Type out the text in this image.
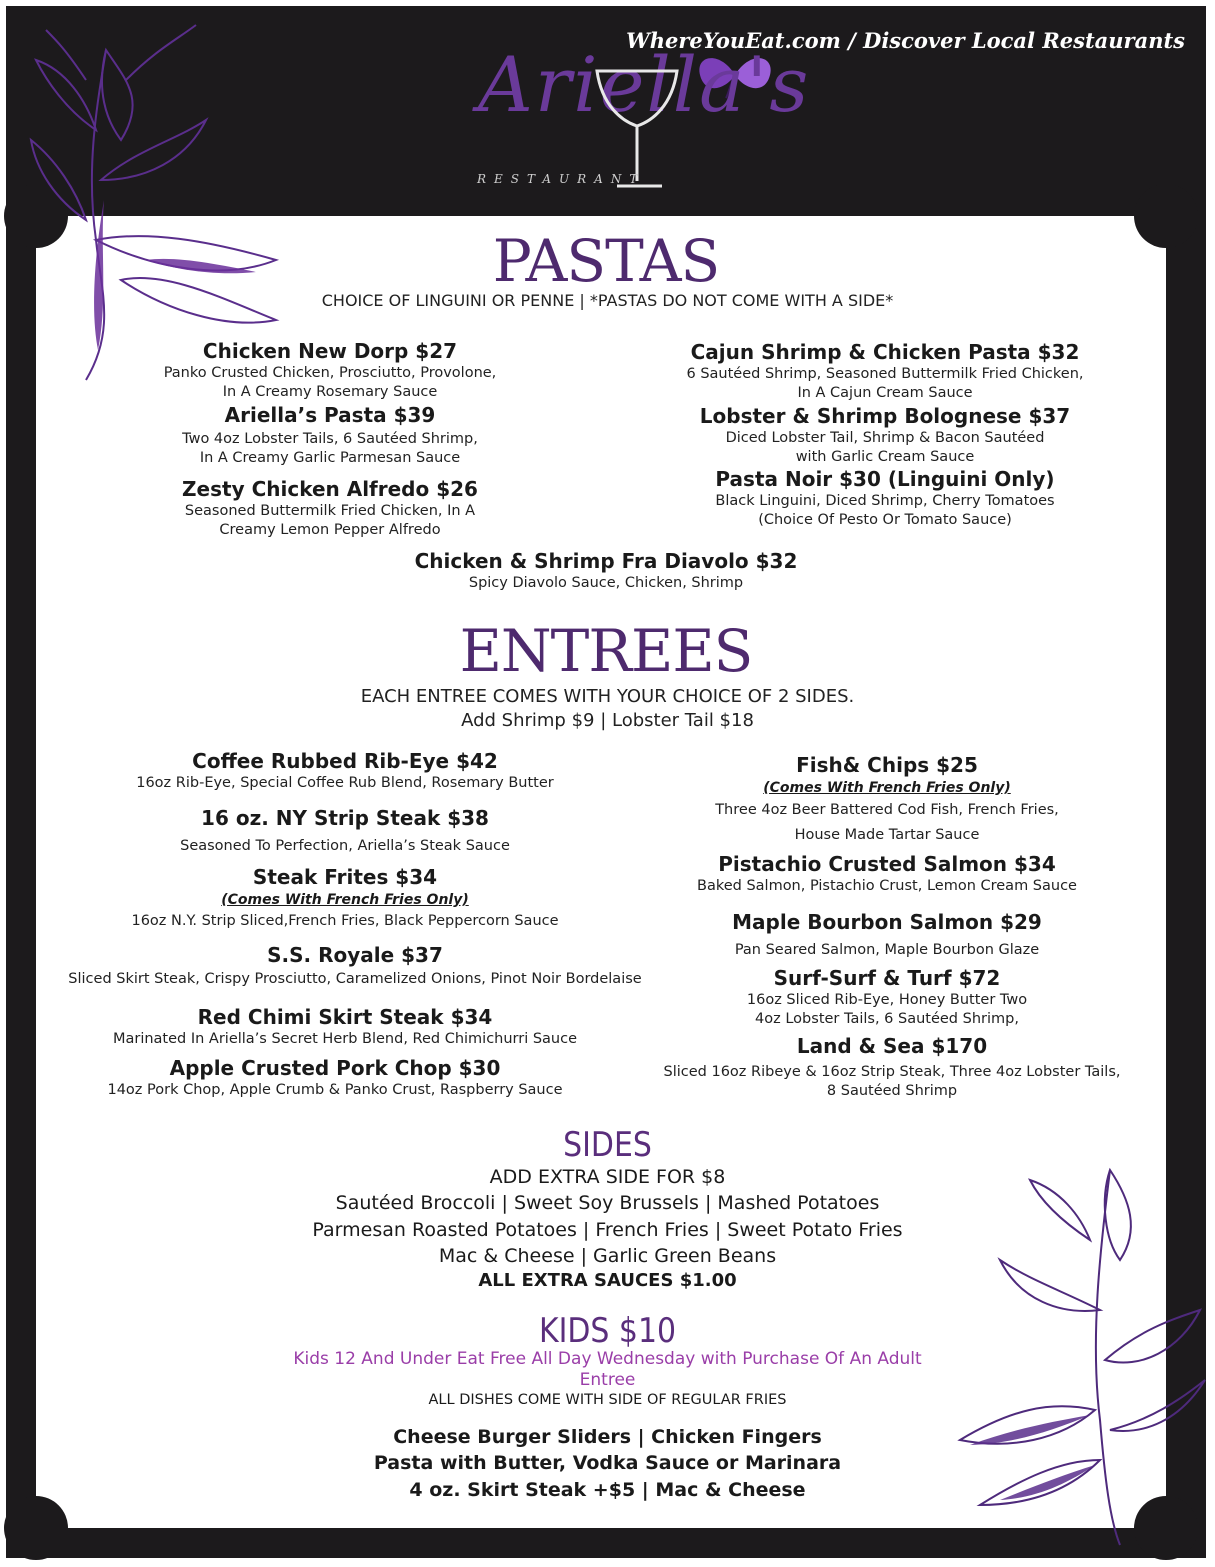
WhereYouEat.com / Discover Local Restaurants
Ariella's
RESTAURANT
PASTAS
CHOICE OF LINGUINI OR PENNE | *PASTAS DO NOT COME WITH A SIDE*
Chicken New Dorp $27
Panko Crusted Chicken, Prosciutto, Provolone,
In A Creamy Rosemary Sauce
Ariella’s Pasta $39
Two 4oz Lobster Tails, 6 Sautéed Shrimp,
In A Creamy Garlic Parmesan Sauce
Zesty Chicken Alfredo $26
Seasoned Buttermilk Fried Chicken, In A
Creamy Lemon Pepper Alfredo
Cajun Shrimp & Chicken Pasta $32
6 Sautéed Shrimp, Seasoned Buttermilk Fried Chicken,
In A Cajun Cream Sauce
Lobster & Shrimp Bolognese $37
Diced Lobster Tail, Shrimp & Bacon Sautéed
with Garlic Cream Sauce
Pasta Noir $30 (Linguini Only)
Black Linguini, Diced Shrimp, Cherry Tomatoes
(Choice Of Pesto Or Tomato Sauce)
Chicken & Shrimp Fra Diavolo $32
Spicy Diavolo Sauce, Chicken, Shrimp
ENTREES
EACH ENTREE COMES WITH YOUR CHOICE OF 2 SIDES.
Add Shrimp $9 | Lobster Tail $18
Coffee Rubbed Rib-Eye $42
16oz Rib-Eye, Special Coffee Rub Blend, Rosemary Butter
16 oz. NY Strip Steak $38
Seasoned To Perfection, Ariella’s Steak Sauce
Steak Frites $34
(Comes With French Fries Only)
16oz N.Y. Strip Sliced,French Fries, Black Peppercorn Sauce
S.S. Royale $37
Sliced Skirt Steak, Crispy Prosciutto, Caramelized Onions, Pinot Noir Bordelaise
Red Chimi Skirt Steak $34
Marinated In Ariella’s Secret Herb Blend, Red Chimichurri Sauce
Apple Crusted Pork Chop $30
14oz Pork Chop, Apple Crumb & Panko Crust, Raspberry Sauce
Fish& Chips $25
(Comes With French Fries Only)
Three 4oz Beer Battered Cod Fish, French Fries,
House Made Tartar Sauce
Pistachio Crusted Salmon $34
Baked Salmon, Pistachio Crust, Lemon Cream Sauce
Maple Bourbon Salmon $29
Pan Seared Salmon, Maple Bourbon Glaze
Surf-Surf & Turf $72
16oz Sliced Rib-Eye, Honey Butter Two
4oz Lobster Tails, 6 Sautéed Shrimp,
Land & Sea $170
Sliced 16oz Ribeye & 16oz Strip Steak, Three 4oz Lobster Tails,
8 Sautéed Shrimp
SIDES
ADD EXTRA SIDE FOR $8
Sautéed Broccoli | Sweet Soy Brussels | Mashed Potatoes
Parmesan Roasted Potatoes | French Fries | Sweet Potato Fries
Mac & Cheese | Garlic Green Beans
ALL EXTRA SAUCES $1.00
KIDS $10
Kids 12 And Under Eat Free All Day Wednesday with Purchase Of An Adult
Entree
ALL DISHES COME WITH SIDE OF REGULAR FRIES
Cheese Burger Sliders | Chicken Fingers
Pasta with Butter, Vodka Sauce or Marinara
4 oz. Skirt Steak +$5 | Mac & Cheese
